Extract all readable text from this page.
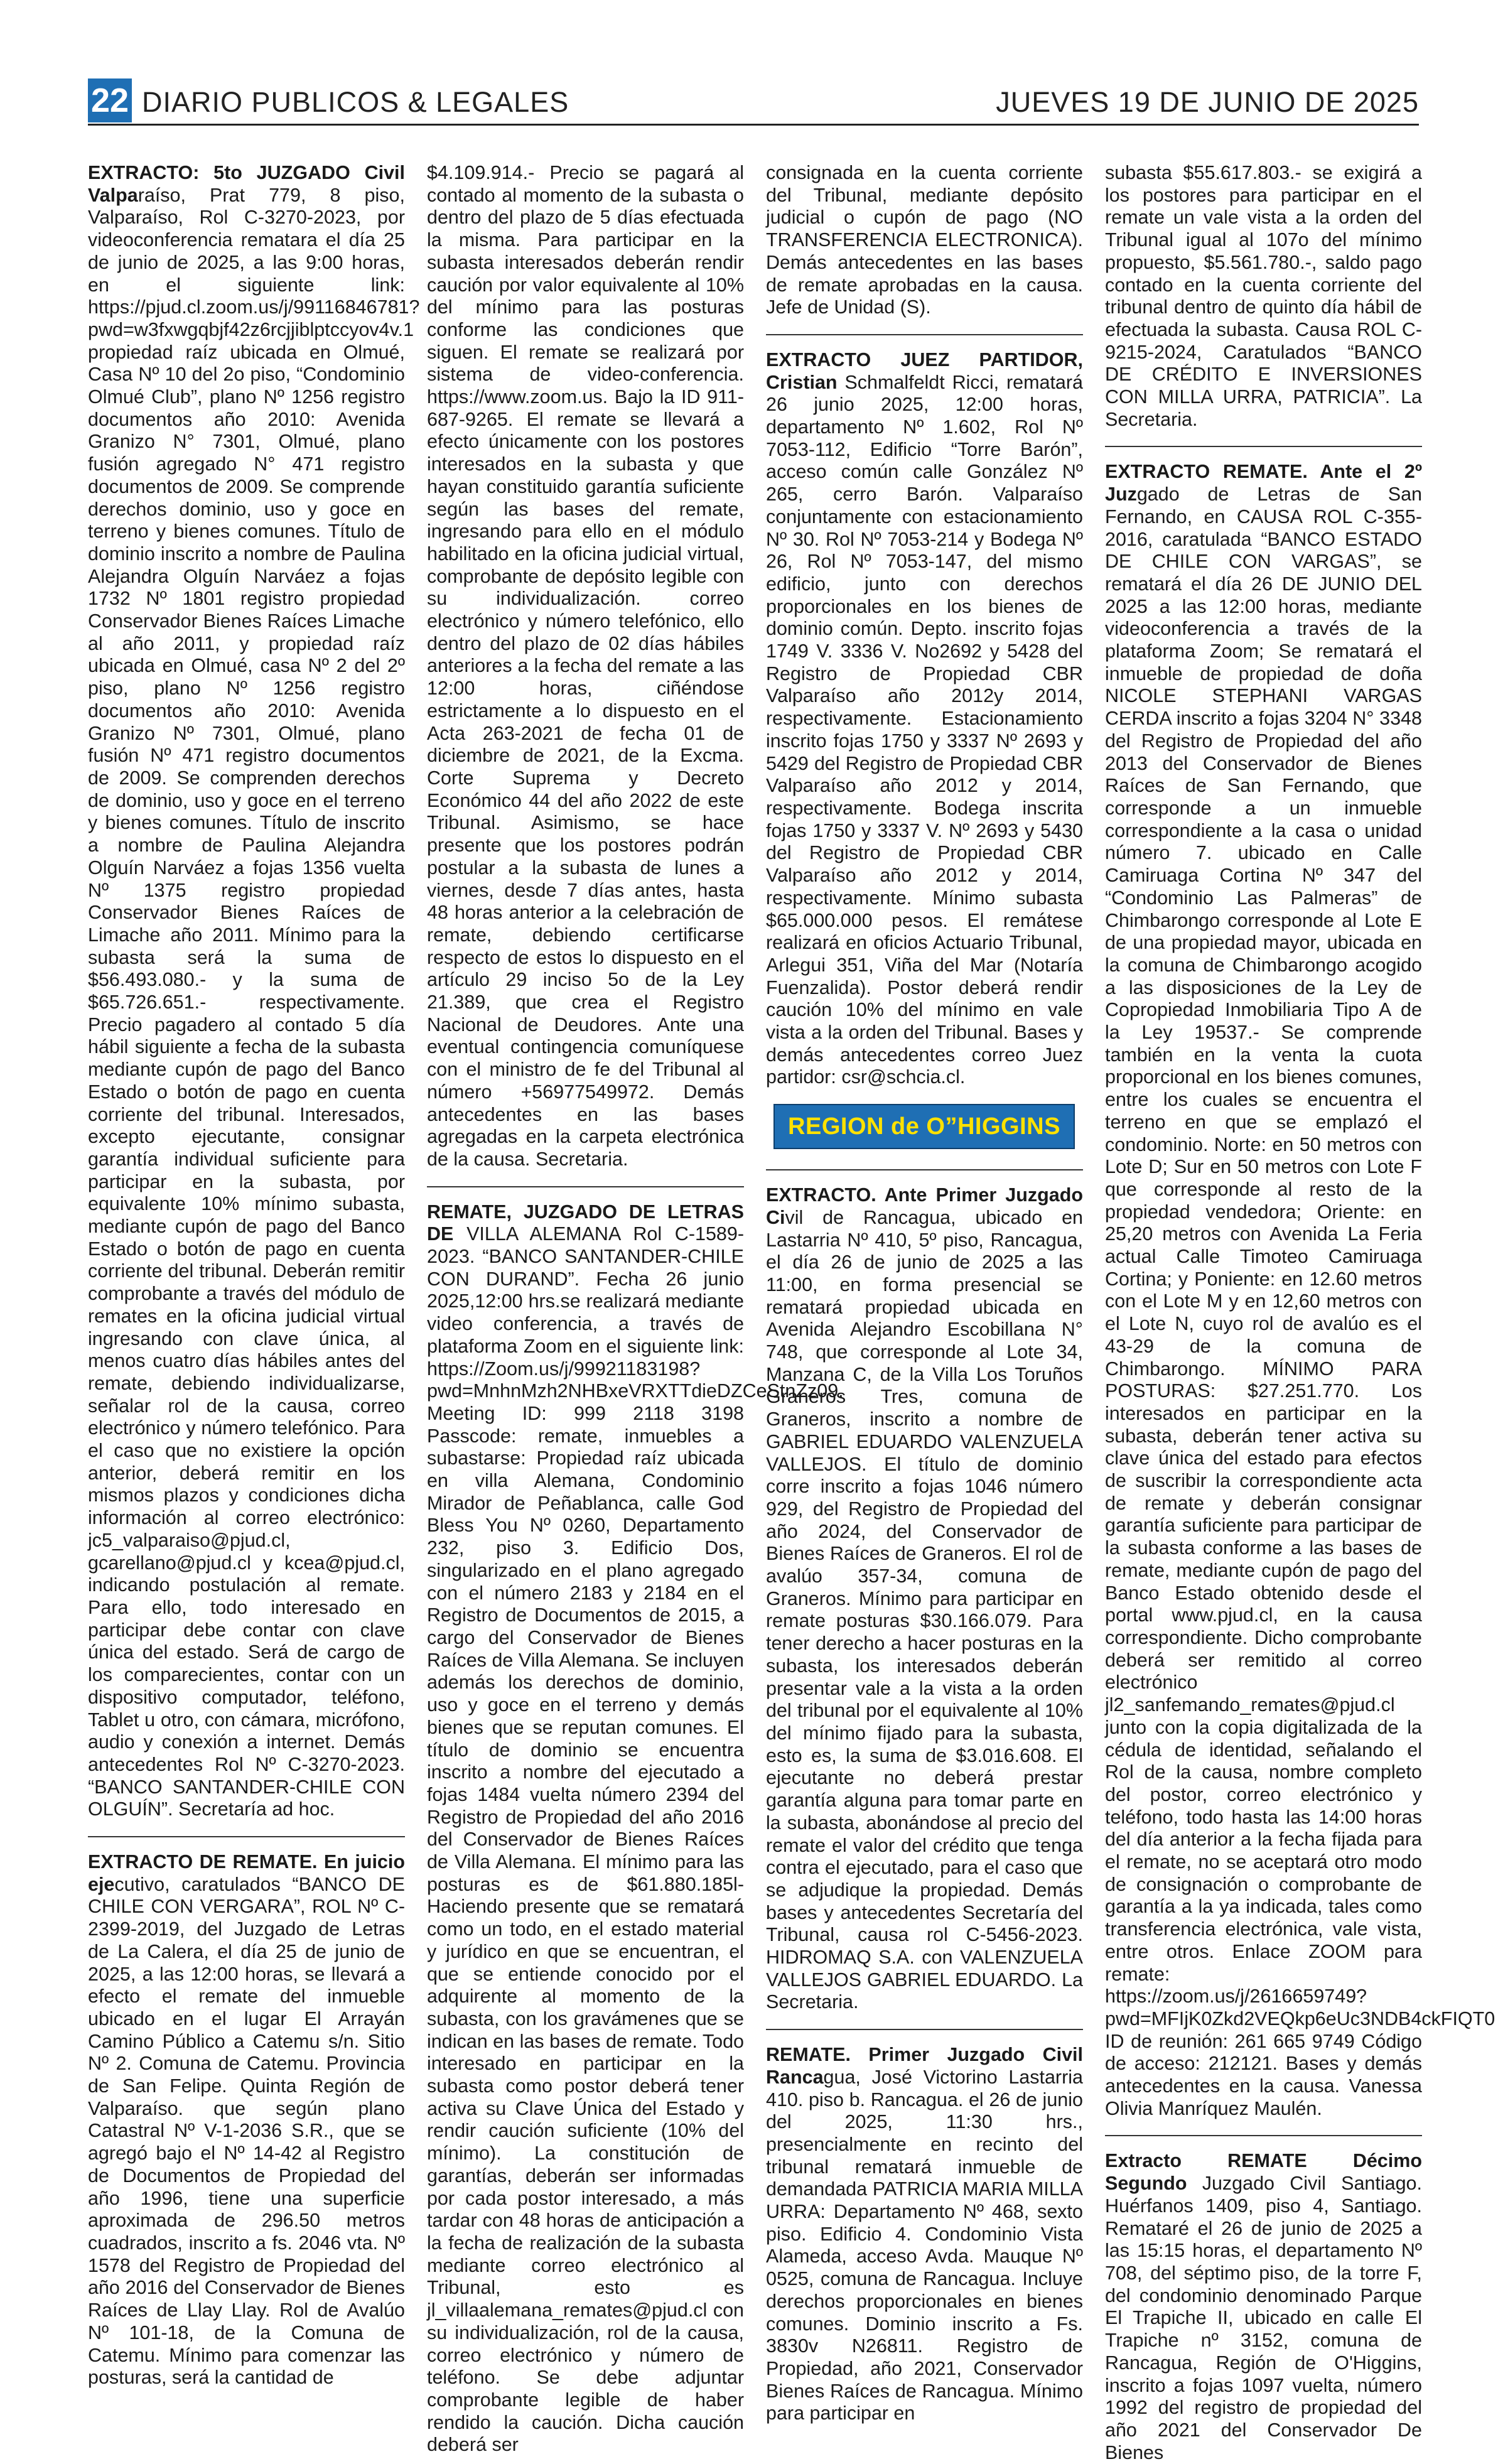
22 DIARIO PUBLICOS & LEGALES	JUEVES 19 DE JUNIO DE 2025

EXTRACTO: 5to JUZGADO Civil Valparaíso, Prat 779, 8 piso, Valparaíso, Rol C-3270-2023, por videoconferencia rematara el día 25 de junio de 2025, a las 9:00 horas, en el siguiente link: https://pjud.cl.zoom.us/j/99116846781?pwd=w3fxwgqbjf42z6rcjjiblptccyov4v.1 propiedad raíz ubicada en Olmué, Casa Nº 10 del 2o piso, “Condominio Olmué Club”, plano Nº 1256 registro documentos año 2010: Avenida Granizo N° 7301, Olmué, plano fusión agregado N° 471 registro documentos de 2009. Se comprende derechos dominio, uso y goce en terreno y bienes comunes. Título de dominio inscrito a nombre de Paulina Alejandra Olguín Narváez a fojas 1732 Nº 1801 registro propiedad Conservador Bienes Raíces Limache al año 2011, y propiedad raíz ubicada en Olmué, casa Nº 2 del 2º piso, plano Nº 1256 registro documentos año 2010: Avenida Granizo Nº 7301, Olmué, plano fusión Nº 471 registro documentos de 2009. Se comprenden derechos de dominio, uso y goce en el terreno y bienes comunes. Título de inscrito a nombre de Paulina Alejandra Olguín Narváez a fojas 1356 vuelta Nº 1375 registro propiedad Conservador Bienes Raíces de Limache año 2011. Mínimo para la subasta será la suma de $56.493.080.- y la suma de $65.726.651.- respectivamente. Precio pagadero al contado 5 día hábil siguiente a fecha de la subasta mediante cupón de pago del Banco Estado o botón de pago en cuenta corriente del tribunal. Interesados, excepto ejecutante, consignar garantía individual suficiente para participar en la subasta, por equivalente 10% mínimo subasta, mediante cupón de pago del Banco Estado o botón de pago en cuenta corriente del tribunal. Deberán remitir comprobante a través del módulo de remates en la oficina judicial virtual ingresando con clave única, al menos cuatro días hábiles antes del remate, debiendo individualizarse, señalar rol de la causa, correo electrónico y número telefónico. Para el caso que no existiere la opción anterior, deberá remitir en los mismos plazos y condiciones dicha información al correo electrónico: jc5_valparaiso@pjud.cl, gcarellano@pjud.cl y kcea@pjud.cl, indicando postulación al remate. Para ello, todo interesado en participar debe contar con clave única del estado. Será de cargo de los comparecientes, contar con un dispositivo computador, teléfono, Tablet u otro, con cámara, micrófono, audio y conexión a internet. Demás antecedentes Rol Nº C-3270-2023. “BANCO SANTANDER-CHILE CON OLGUÍN”. Secretaría ad hoc.

EXTRACTO DE REMATE. En juicio ejecutivo, caratulados “BANCO DE CHILE CON VERGARA”, ROL Nº C-2399-2019, del Juzgado de Letras de La Calera, el día 25 de junio de 2025, a las 12:00 horas, se llevará a efecto el remate del inmueble ubicado en el lugar El Arrayán Camino Público a Catemu s/n. Sitio Nº 2. Comuna de Catemu. Provincia de San Felipe. Quinta Región de Valparaíso. que según plano Catastral Nº V-1-2036 S.R., que se agregó bajo el Nº 14-42 al Registro de Documentos de Propiedad del año 1996, tiene una superficie aproximada de 296.50 metros cuadrados, inscrito a fs. 2046 vta. Nº 1578 del Registro de Propiedad del año 2016 del Conservador de Bienes Raíces de Llay Llay. Rol de Avalúo Nº 101-18, de la Comuna de Catemu. Mínimo para comenzar las posturas, será la cantidad de

$4.109.914.- Precio se pagará al contado al momento de la subasta o dentro del plazo de 5 días efectuada la misma. Para participar en la subasta interesados deberán rendir caución por valor equivalente al 10% del mínimo para las posturas conforme las condiciones que siguen. El remate se realizará por sistema de video-conferencia. https://www.zoom.us. Bajo la ID 911-687-9265. El remate se llevará a efecto únicamente con los postores interesados en la subasta y que hayan constituido garantía suficiente según las bases del remate, ingresando para ello en el módulo habilitado en la oficina judicial virtual, comprobante de depósito legible con su individualización. correo electrónico y número telefónico, ello dentro del plazo de 02 días hábiles anteriores a la fecha del remate a las 12:00 horas, ciñéndose estrictamente a lo dispuesto en el Acta 263-2021 de fecha 01 de diciembre de 2021, de la Excma. Corte Suprema y Decreto Económico 44 del año 2022 de este Tribunal. Asimismo, se hace presente que los postores podrán postular a la subasta de lunes a viernes, desde 7 días antes, hasta 48 horas anterior a la celebración de remate, debiendo certificarse respecto de estos lo dispuesto en el artículo 29 inciso 5o de la Ley 21.389, que crea el Registro Nacional de Deudores. Ante una eventual contingencia comuníquese con el ministro de fe del Tribunal al número +56977549972. Demás antecedentes en las bases agregadas en la carpeta electrónica de la causa. Secretaria.

REMATE, JUZGADO DE LETRAS DE VILLA ALEMANA Rol C-1589-2023. “BANCO SANTANDER-CHILE CON DURAND”. Fecha 26 junio 2025,12:00 hrs.se realizará mediante video conferencia, a través de plataforma Zoom en el siguiente link: https://Zoom.us/j/99921183198?pwd=MnhnMzh2NHBxeVRXTTdieDZCeStnZz09. Meeting ID: 999 2118 3198 Passcode: remate, inmuebles a subastarse: Propiedad raíz ubicada en villa Alemana, Condominio Mirador de Peñablanca, calle God Bless You Nº 0260, Departamento 232, piso 3. Edificio Dos, singularizado en el plano agregado con el número 2183 y 2184 en el Registro de Documentos de 2015, a cargo del Conservador de Bienes Raíces de Villa Alemana. Se incluyen además los derechos de dominio, uso y goce en el terreno y demás bienes que se reputan comunes. El título de dominio se encuentra inscrito a nombre del ejecutado a fojas 1484 vuelta número 2394 del Registro de Propiedad del año 2016 del Conservador de Bienes Raíces de Villa Alemana. El mínimo para las posturas es de $61.880.185l-Haciendo presente que se rematará como un todo, en el estado material y jurídico en que se encuentran, el que se entiende conocido por el adquirente al momento de la subasta, con los gravámenes que se indican en las bases de remate. Todo interesado en participar en la subasta como postor deberá tener activa su Clave Única del Estado y rendir caución suficiente (10% del mínimo). La constitución de garantías, deberán ser informadas por cada postor interesado, a más tardar con 48 horas de anticipación a la fecha de realización de la subasta mediante correo electrónico al Tribunal, esto es jl_villaalemana_remates@pjud.cl con su individualización, rol de la causa, correo electrónico y número de teléfono. Se debe adjuntar comprobante legible de haber rendido la caución. Dicha caución deberá ser

consignada en la cuenta corriente del Tribunal, mediante depósito judicial o cupón de pago (NO TRANSFERENCIA ELECTRONICA). Demás antecedentes en las bases de remate aprobadas en la causa. Jefe de Unidad (S).

EXTRACTO JUEZ PARTIDOR, Cristian Schmalfeldt Ricci, rematará 26 junio 2025, 12:00 horas, departamento Nº 1.602, Rol Nº 7053-112, Edificio “Torre Barón”, acceso común calle González Nº 265, cerro Barón. Valparaíso conjuntamente con estacionamiento Nº 30. Rol Nº 7053-214 y Bodega Nº 26, Rol Nº 7053-147, del mismo edificio, junto con derechos proporcionales en los bienes de dominio común. Depto. inscrito fojas 1749 V. 3336 V. No2692 y 5428 del Registro de Propiedad CBR Valparaíso año 2012y 2014, respectivamente. Estacionamiento inscrito fojas 1750 y 3337 Nº 2693 y 5429 del Registro de Propiedad CBR Valparaíso año 2012 y 2014, respectivamente. Bodega inscrita fojas 1750 y 3337 V. Nº 2693 y 5430 del Registro de Propiedad CBR Valparaíso año 2012 y 2014, respectivamente. Mínimo subasta $65.000.000 pesos. El remátese realizará en oficios Actuario Tribunal, Arlegui 351, Viña del Mar (Notaría Fuenzalida). Postor deberá rendir caución 10% del mínimo en vale vista a la orden del Tribunal. Bases y demás antecedentes correo Juez partidor: csr@schcia.cl.

REGION de O”HIGGINS

EXTRACTO. Ante Primer Juzgado Civil de Rancagua, ubicado en Lastarria Nº 410, 5º piso, Rancagua, el día 26 de junio de 2025 a las 11:00, en forma presencial se rematará propiedad ubicada en Avenida Alejandro Escobillana N° 748, que corresponde al Lote 34, Manzana C, de la Villa Los Toruños Graneros Tres, comuna de Graneros, inscrito a nombre de GABRIEL EDUARDO VALENZUELA VALLEJOS. El título de dominio corre inscrito a fojas 1046 número 929, del Registro de Propiedad del año 2024, del Conservador de Bienes Raíces de Graneros. El rol de avalúo 357-34, comuna de Graneros. Mínimo para participar en remate posturas $30.166.079. Para tener derecho a hacer posturas en la subasta, los interesados deberán presentar vale a la vista a la orden del tribunal por el equivalente al 10% del mínimo fijado para la subasta, esto es, la suma de $3.016.608. El ejecutante no deberá prestar garantía alguna para tomar parte en la subasta, abonándose al precio del remate el valor del crédito que tenga contra el ejecutado, para el caso que se adjudique la propiedad. Demás bases y antecedentes Secretaría del Tribunal, causa rol C-5456-2023. HIDROMAQ S.A. con VALENZUELA VALLEJOS GABRIEL EDUARDO. La Secretaria.

REMATE. Primer Juzgado Civil Rancagua, José Victorino Lastarria 410. piso b. Rancagua. el 26 de junio del 2025, 11:30 hrs., presencialmente en recinto del tribunal rematará inmueble de demandada PATRICIA MARIA MILLA URRA: Departamento Nº 468, sexto piso. Edificio 4. Condominio Vista Alameda, acceso Avda. Mauque Nº 0525, comuna de Rancagua. Incluye derechos proporcionales en bienes comunes. Dominio inscrito a Fs. 3830v N26811. Registro de Propiedad, año 2021, Conservador Bienes Raíces de Rancagua. Mínimo para participar en

subasta $55.617.803.- se exigirá a los postores para participar en el remate un vale vista a la orden del Tribunal igual al 107o del mínimo propuesto, $5.561.780.-, saldo pago contado en la cuenta corriente del tribunal dentro de quinto día hábil de efectuada la subasta. Causa ROL C-9215-2024, Caratulados “BANCO DE CRÉDITO E INVERSIONES CON MILLA URRA, PATRICIA”. La Secretaria.

EXTRACTO REMATE. Ante el 2º Juzgado de Letras de San Fernando, en CAUSA ROL C-355-2016, caratulada “BANCO ESTADO DE CHILE CON VARGAS”, se rematará el día 26 DE JUNIO DEL 2025 a las 12:00 horas, mediante videoconferencia a través de la plataforma Zoom; Se rematará el inmueble de propiedad de doña NICOLE STEPHANI VARGAS CERDA inscrito a fojas 3204 N° 3348 del Registro de Propiedad del año 2013 del Conservador de Bienes Raíces de San Fernando, que corresponde a un inmueble correspondiente a la casa o unidad número 7. ubicado en Calle Camiruaga Cortina Nº 347 del “Condominio Las Palmeras” de Chimbarongo corresponde al Lote E de una propiedad mayor, ubicada en la comuna de Chimbarongo acogido a las disposiciones de la Ley de Copropiedad Inmobiliaria Tipo A de la Ley 19537.- Se comprende también en la venta la cuota proporcional en los bienes comunes, entre los cuales se encuentra el terreno en que se emplazó el condominio. Norte: en 50 metros con Lote D; Sur en 50 metros con Lote F que corresponde al resto de la propiedad vendedora; Oriente: en 25,20 metros con Avenida La Feria actual Calle Timoteo Camiruaga Cortina; y Poniente: en 12.60 metros con el Lote M y en 12,60 metros con el Lote N, cuyo rol de avalúo es el 43-29 de la comuna de Chimbarongo. MÍNIMO PARA POSTURAS: $27.251.770. Los interesados en participar en la subasta, deberán tener activa su clave única del estado para efectos de suscribir la correspondiente acta de remate y deberán consignar garantía suficiente para participar de la subasta conforme a las bases de remate, mediante cupón de pago del Banco Estado obtenido desde el portal www.pjud.cl, en la causa correspondiente. Dicho comprobante deberá ser remitido al correo electrónico jl2_sanfemando_remates@pjud.cl junto con la copia digitalizada de la cédula de identidad, señalando el Rol de la causa, nombre completo del postor, correo electrónico y teléfono, todo hasta las 14:00 horas del día anterior a la fecha fijada para el remate, no se aceptará otro modo de consignación o comprobante de garantía a la ya indicada, tales como transferencia electrónica, vale vista, entre otros. Enlace ZOOM para remate: https://zoom.us/j/2616659749?pwd=MFIjK0Zkd2VEQkp6eUc3NDB4ckFIQT0 ID de reunión: 261 665 9749 Código de acceso: 212121. Bases y demás antecedentes en la causa. Vanessa Olivia Manríquez Maulén.

Extracto REMATE Décimo Segundo Juzgado Civil Santiago. Huérfanos 1409, piso 4, Santiago. Remataré el 26 de junio de 2025 a las 15:15 horas, el departamento Nº 708, del séptimo piso, de la torre F, del condominio denominado Parque El Trapiche II, ubicado en calle El Trapiche nº 3152, comuna de Rancagua, Región de O'Higgins, inscrito a fojas 1097 vuelta, número 1992 del registro de propiedad del año 2021 del Conservador De Bienes
